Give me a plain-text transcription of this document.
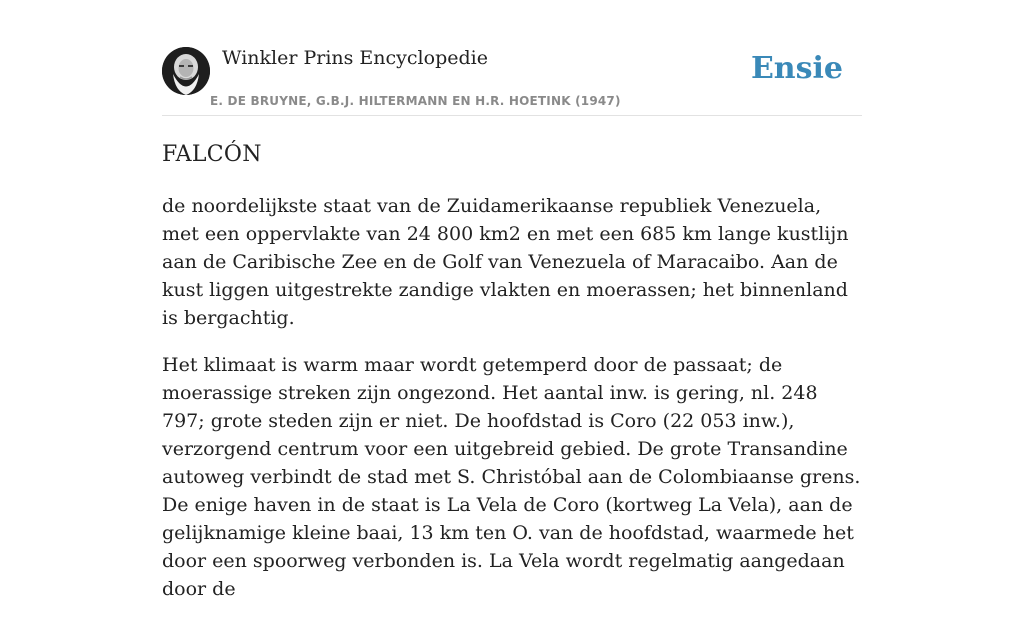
Winkler Prins Encyclopedie
E. DE BRUYNE, G.B.J. HILTERMANN EN H.R. HOETINK (1947)
Ensie
FALCÓN

de noordelijkste staat van de Zuidamerikaanse republiek Venezuela, met een oppervlakte van 24 800 km2 en met een 685 km lange kustlijn aan de Caribische Zee en de Golf van Venezuela of Maracaibo. Aan de kust liggen uitgestrekte zandige vlakten en moerassen; het binnenland is bergachtig.

Het klimaat is warm maar wordt getemperd door de passaat; de moerassige streken zijn ongezond. Het aantal inw. is gering, nl. 248 797; grote steden zijn er niet. De hoofdstad is Coro (22 053 inw.), verzorgend centrum voor een uitgebreid gebied. De grote Transandine autoweg verbindt de stad met S. Christóbal aan de Colombiaanse grens. De enige haven in de staat is La Vela de Coro (kortweg La Vela), aan de gelijknamige kleine baai, 13 km ten O. van de hoofdstad, waarmede het door een spoorweg verbonden is. La Vela wordt regelmatig aangedaan door de
